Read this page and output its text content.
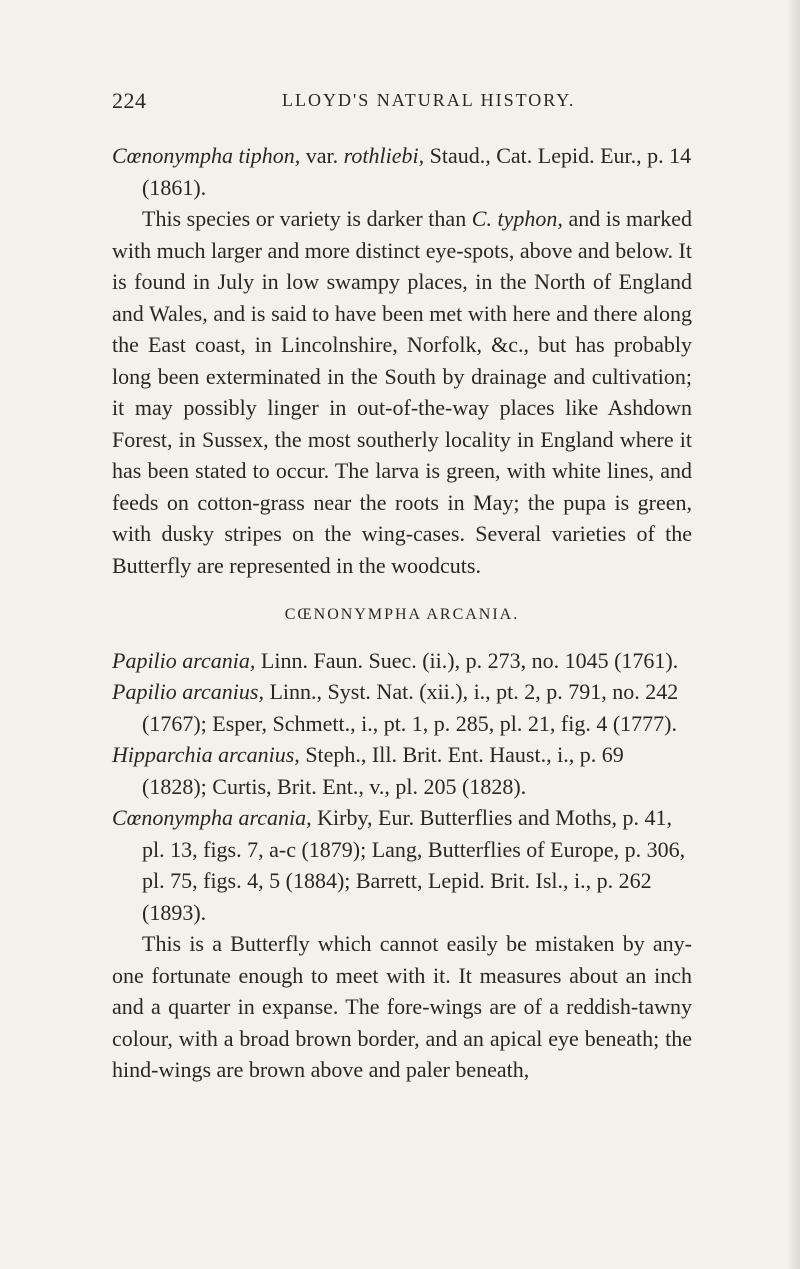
224	LLOYD'S NATURAL HISTORY.

Cœnonympha tiphon, var. rothliebi, Staud., Cat. Lepid. Eur., p. 14 (1861).

This species or variety is darker than C. typhon, and is marked with much larger and more distinct eye-spots, above and below. It is found in July in low swampy places, in the North of England and Wales, and is said to have been met with here and there along the East coast, in Lincolnshire, Norfolk, &c., but has probably long been exterminated in the South by drainage and cultivation; it may possibly linger in out-of-the-way places like Ashdown Forest, in Sussex, the most southerly locality in England where it has been stated to occur. The larva is green, with white lines, and feeds on cotton-grass near the roots in May; the pupa is green, with dusky stripes on the wing-cases. Several varieties of the Butterfly are represented in the woodcuts.

CŒNONYMPHA ARCANIA.

Papilio arcania, Linn. Faun. Suec. (ii.), p. 273, no. 1045 (1761).

Papilio arcanius, Linn., Syst. Nat. (xii.), i., pt. 2, p. 791, no. 242 (1767); Esper, Schmett., i., pt. 1, p. 285, pl. 21, fig. 4 (1777).

Hipparchia arcanius, Steph., Ill. Brit. Ent. Haust., i., p. 69 (1828); Curtis, Brit. Ent., v., pl. 205 (1828).

Cœnonympha arcania, Kirby, Eur. Butterflies and Moths, p. 41, pl. 13, figs. 7, a-c (1879); Lang, Butterflies of Europe, p. 306, pl. 75, figs. 4, 5 (1884); Barrett, Lepid. Brit. Isl., i., p. 262 (1893).

This is a Butterfly which cannot easily be mistaken by any-one fortunate enough to meet with it. It measures about an inch and a quarter in expanse. The fore-wings are of a reddish-tawny colour, with a broad brown border, and an apical eye beneath; the hind-wings are brown above and paler beneath,
